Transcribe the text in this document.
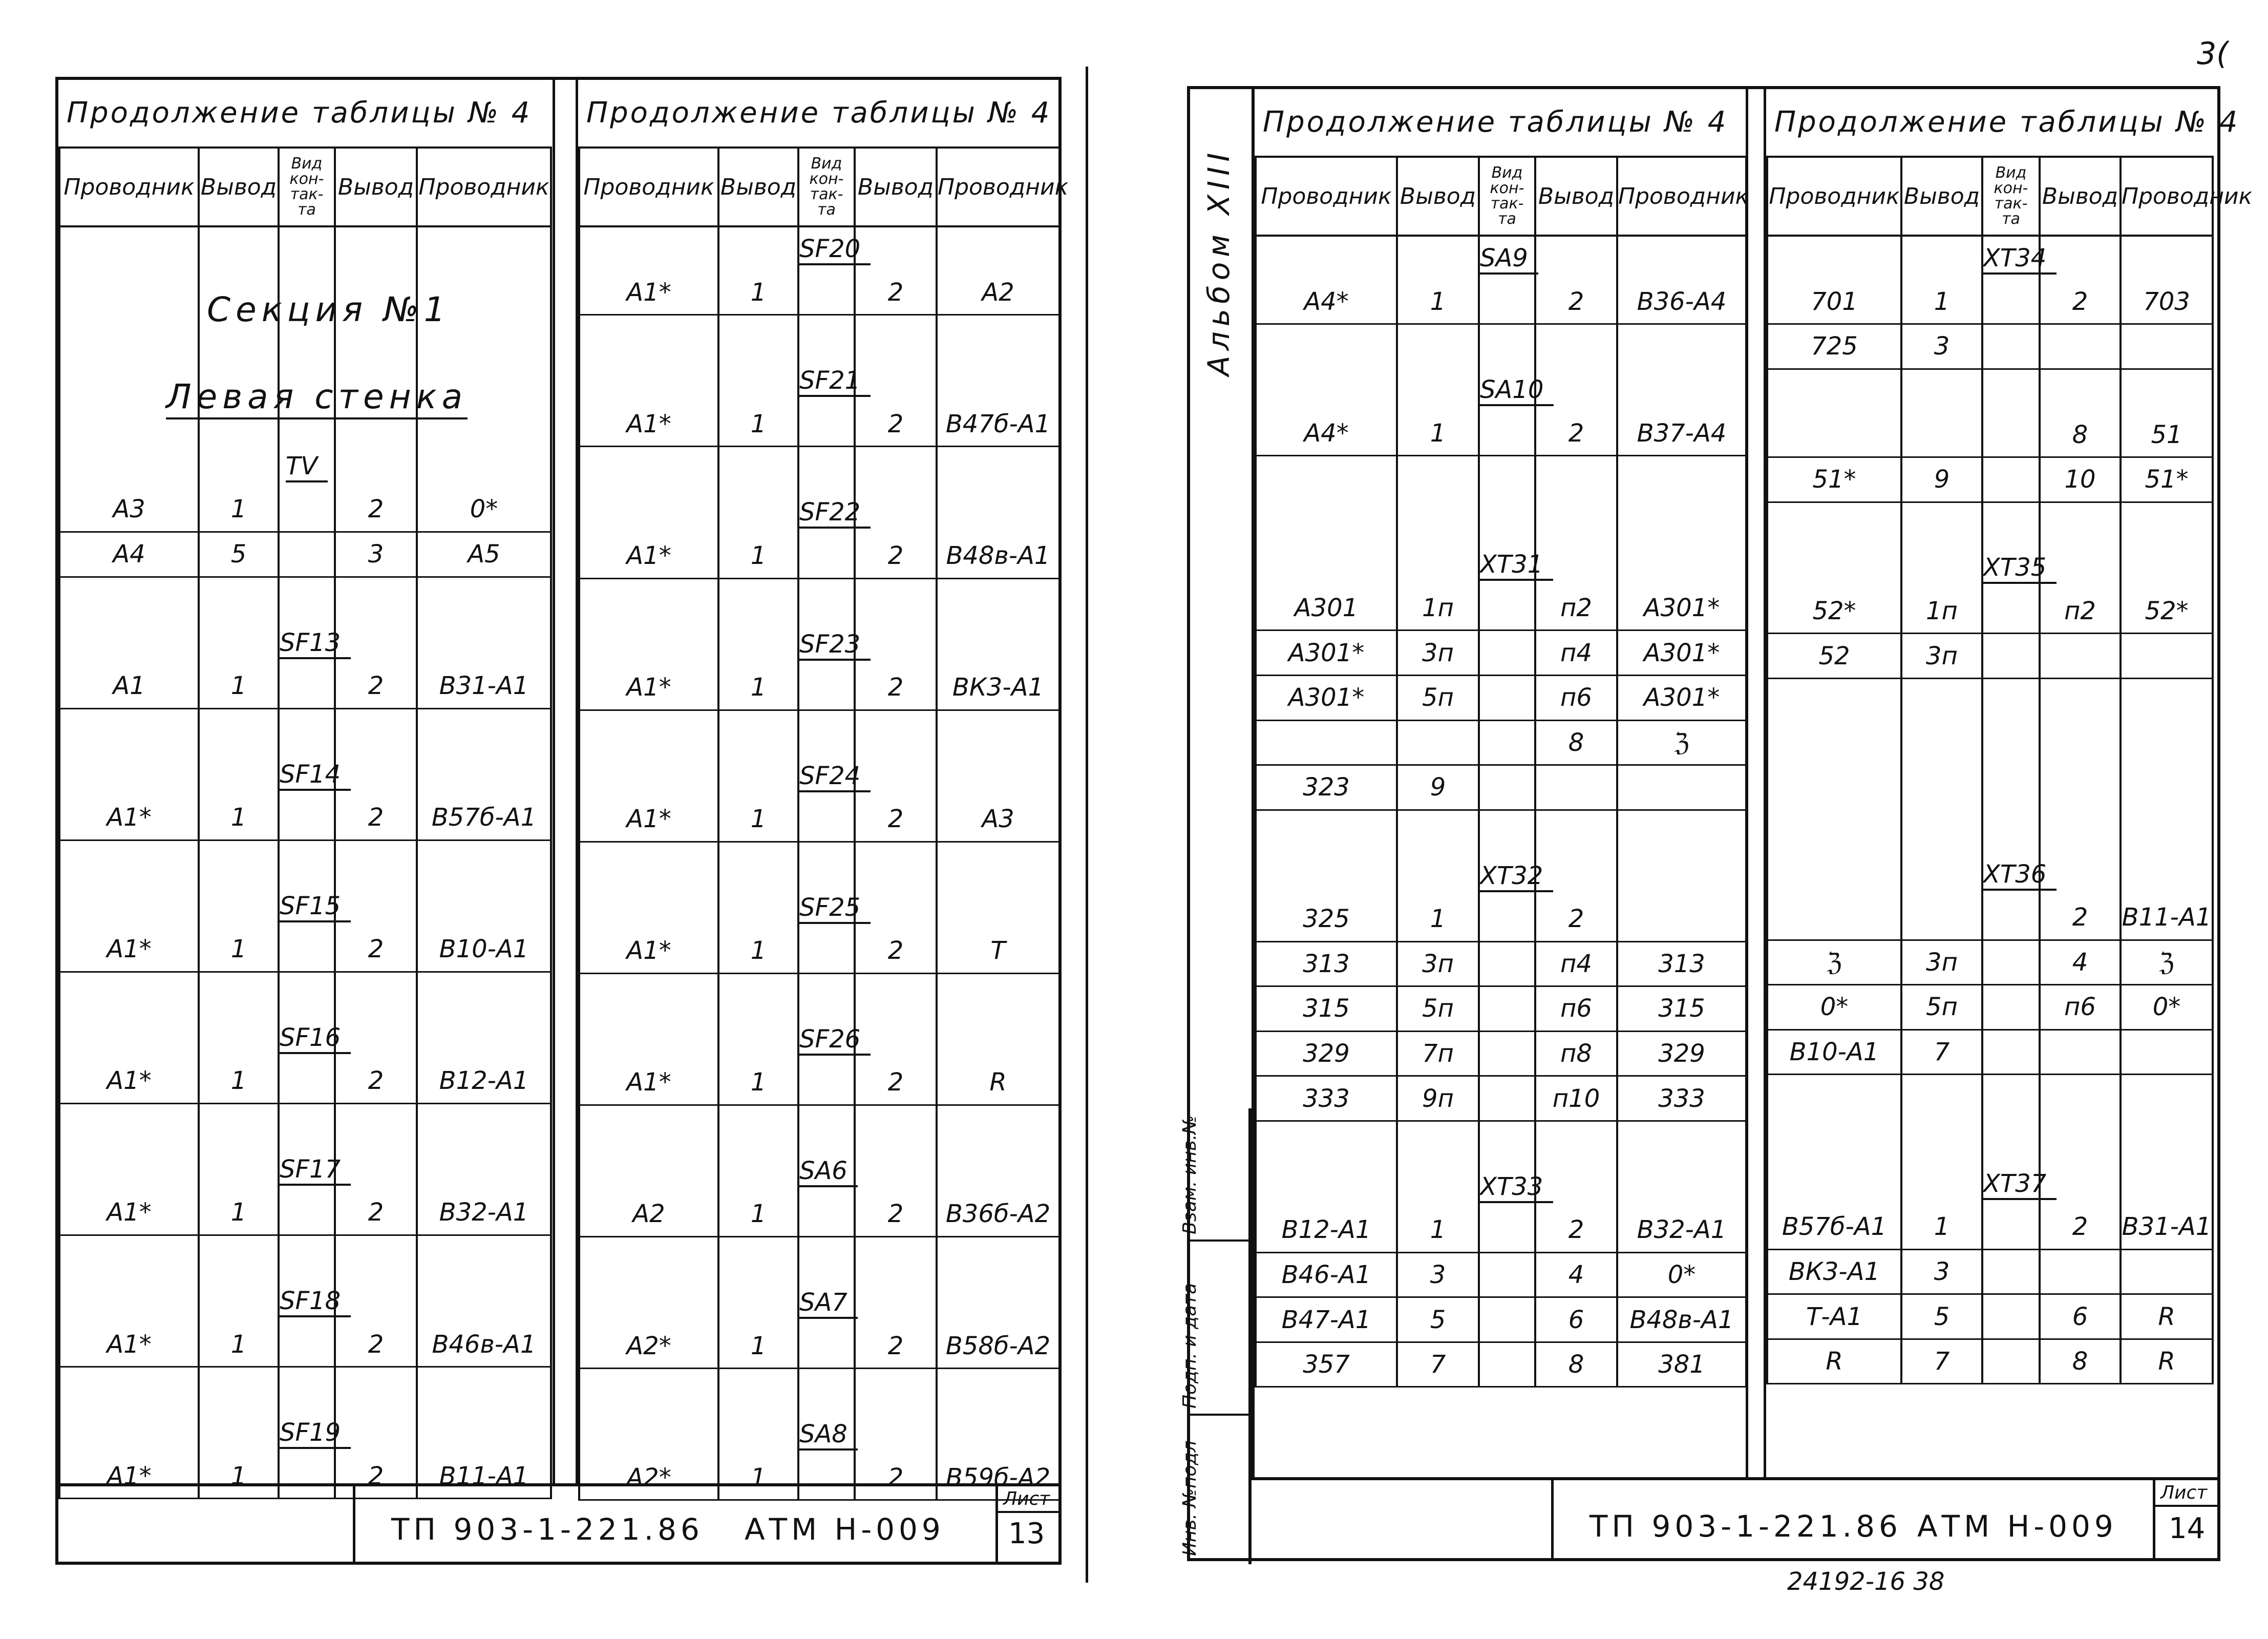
3(
Продолжение таблицы № 4
Проводник	Вывод	Вид кон- так- та	Вывод	Проводник

		TV		
А3	1		2	0*
А4	5		3	А5

		SF13		
А1	1		2	В31-А1

		SF14		
А1*	1		2	В57б-А1

		SF15		
А1*	1		2	В10-А1

		SF16		
А1*	1		2	В12-А1

		SF17		
А1*	1		2	В32-А1

		SF18		
А1*	1		2	В46в-А1

		SF19		
А1*	1		2	В11-А1
Продолжение таблицы № 4
Проводник	Вывод	Вид кон- так- та	Вывод	Проводник
		SF20		
А1*	1		2	А2

		SF21		
А1*	1		2	В47б-А1

		SF22		
А1*	1		2	В48в-А1

		SF23		
А1*	1		2	ВК3-А1

		SF24		
А1*	1		2	А3

		SF25		
А1*	1		2	Т

		SF26		
А1*	1		2	R

		SA6		
А2	1		2	В36б-А2

		SA7		
А2*	1		2	В58б-А2

		SA8		
А2*	1		2	В59б-А2
Секция №1
Левая стенка
ТП 903-1-221.86 АТМ Н-009
Лист
13
Альбом XIII
Взам. инв.№
Подп. и дата
Инв. №подл
Продолжение таблицы № 4
Проводник	Вывод	Вид кон- так- та	Вывод	Проводник
		SA9		
А4*	1		2	В36-А4

		SA10		
А4*	1		2	В37-А4

		XT31		
А301	1п		п2	А301*
А301*	3п		п4	А301*
А301*	5п		п6	А301*
			8	ℨ
323	9			

		XT32		
325	1		2	
313	3п		п4	313
315	5п		п6	315
329	7п		п8	329
333	9п		п10	333

		XT33		
В12-А1	1		2	В32-А1
В46-А1	3		4	0*
В47-А1	5		6	В48в-А1
357	7		8	381
Продолжение таблицы № 4
Проводник	Вывод	Вид кон- так- та	Вывод	Проводник
		XT34		
701	1		2	703
725	3			

			8	51
51*	9		10	51*

		XT35		
52*	1п		п2	52*
52	3п			

		XT36		
			2	В11-А1
ℨ	3п		4	ℨ
0*	5п		п6	0*
В10-А1	7			

		XT37		
В57б-А1	1		2	В31-А1
ВК3-А1	3			
Т-А1	5		6	R
R	7		8	R
ТП 903-1-221.86 АТМ Н-009
Лист
14
24192-16 38
